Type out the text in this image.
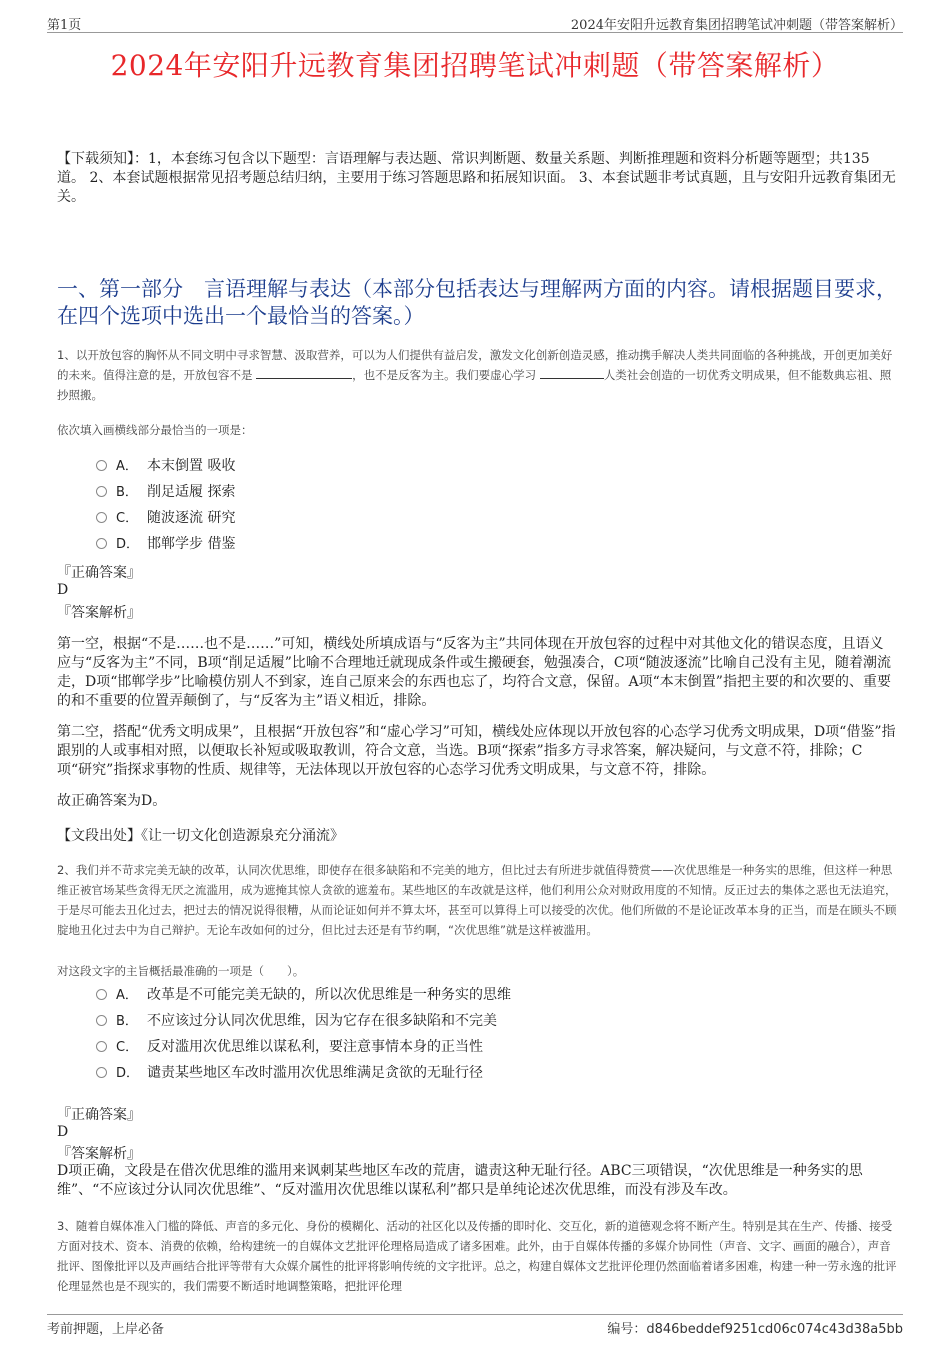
第1页	2024年安阳升远教育集团招聘笔试冲刺题（带答案解析）
2024年安阳升远教育集团招聘笔试冲刺题（带答案解析）
【下载须知】：1，本套练习包含以下题型：言语理解与表达题、常识判断题、数量关系题、判断推理题和资料分析题等题型；共135道。 2、本套试题根据常见招考题总结归纳，主要用于练习答题思路和拓展知识面。 3、本套试题非考试真题，且与安阳升远教育集团无关。
一、第一部分　言语理解与表达（本部分包括表达与理解两方面的内容。请根据题目要求，在四个选项中选出一个最恰当的答案。）
1、以开放包容的胸怀从不同文明中寻求智慧、汲取营养，可以为人们提供有益启发，激发文化创新创造灵感，推动携手解决人类共同面临的各种挑战，开创更加美好的未来。值得注意的是，开放包容不是	，也不是反客为主。我们要虚心学习	人类社会创造的一切优秀文明成果，但不能数典忘祖、照抄照搬。
依次填入画横线部分最恰当的一项是：
A． 本末倒置 吸收
B． 削足适履 探索
C． 随波逐流 研究
D． 邯郸学步 借鉴
『正确答案』
D
『答案解析』
第一空，根据“不是……也不是……”可知，横线处所填成语与“反客为主”共同体现在开放包容的过程中对其他文化的错误态度，且语义应与“反客为主”不同，B项“削足适履”比喻不合理地迁就现成条件或生搬硬套，勉强凑合，C项“随波逐流”比喻自己没有主见，随着潮流走，D项“邯郸学步”比喻模仿别人不到家，连自己原来会的东西也忘了，均符合文意，保留。A项“本末倒置”指把主要的和次要的、重要的和不重要的位置弄颠倒了，与“反客为主”语义相近，排除。
第二空，搭配“优秀文明成果”，且根据“开放包容”和“虚心学习”可知，横线处应体现以开放包容的心态学习优秀文明成果，D项“借鉴”指跟别的人或事相对照，以便取长补短或吸取教训，符合文意，当选。B项“探索”指多方寻求答案，解决疑问，与文意不符，排除；C项“研究”指探求事物的性质、规律等，无法体现以开放包容的心态学习优秀文明成果，与文意不符，排除。
故正确答案为D。
【文段出处】《让一切文化创造源泉充分涌流》
2、我们并不苛求完美无缺的改革，认同次优思维，即使存在很多缺陷和不完美的地方，但比过去有所进步就值得赞赏——次优思维是一种务实的思维，但这样一种思维正被官场某些贪得无厌之流滥用，成为遮掩其惊人贪欲的遮羞布。某些地区的车改就是这样，他们利用公众对财政用度的不知情。反正过去的集体之恶也无法追究，于是尽可能去丑化过去，把过去的情况说得很糟，从而论证如何并不算太坏，甚至可以算得上可以接受的次优。他们所做的不是论证改革本身的正当，而是在顾头不顾腚地丑化过去中为自己辩护。无论车改如何的过分，但比过去还是有节约啊，“次优思维”就是这样被滥用。
对这段文字的主旨概括最准确的一项是（　　）。
A． 改革是不可能完美无缺的，所以次优思维是一种务实的思维
B． 不应该过分认同次优思维，因为它存在很多缺陷和不完美
C． 反对滥用次优思维以谋私利，要注意事情本身的正当性
D． 谴责某些地区车改时滥用次优思维满足贪欲的无耻行径
『正确答案』
D
『答案解析』
D项正确，文段是在借次优思维的滥用来讽刺某些地区车改的荒唐，谴责这种无耻行径。ABC三项错误，“次优思维是一种务实的思维”、“不应该过分认同次优思维”、“反对滥用次优思维以谋私利”都只是单纯论述次优思维，而没有涉及车改。
3、随着自媒体准入门槛的降低、声音的多元化、身份的模糊化、活动的社区化以及传播的即时化、交互化，新的道德观念将不断产生。特别是其在生产、传播、接受方面对技术、资本、消费的依赖，给构建统一的自媒体文艺批评伦理格局造成了诸多困难。此外，由于自媒体传播的多媒介协同性（声音、文字、画面的融合），声音批评、图像批评以及声画结合批评等带有大众媒介属性的批评将影响传统的文字批评。总之，构建自媒体文艺批评伦理仍然面临着诸多困难，构建一种一劳永逸的批评伦理显然也是不现实的，我们需要不断适时地调整策略，把批评伦理
考前押题，上岸必备	编号：d846beddef9251cd06c074c43d38a5bb
